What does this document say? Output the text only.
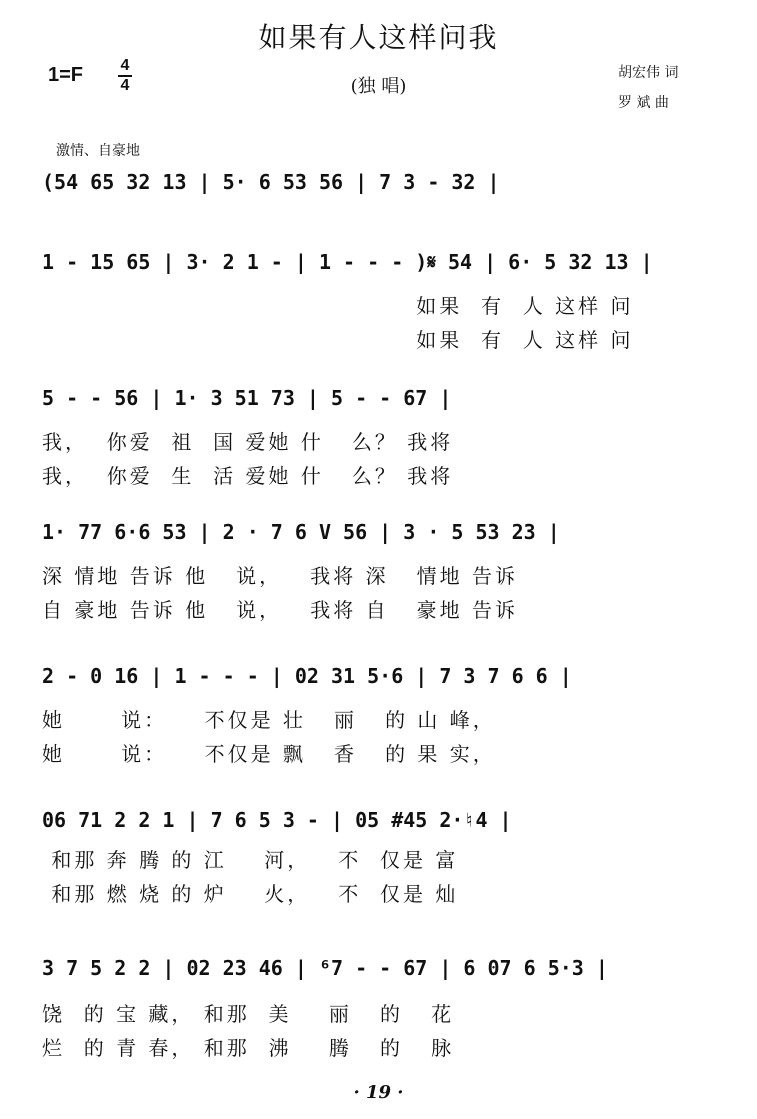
如果有人这样问我
1=F 4
4	(独 唱)
胡宏伟 词
罗 斌 曲
激情、自豪地
(54 65 32 13 | 5· 6 53 56 | 7 3 - 32 |
1 - 15 65 | 3· 2 1 - | 1 - - - )𝄋 54 | 6· 5 32 13 |
如果  有  人 这样 问
如果  有  人 这样 问
5 - - 56 | 1· 3 51 73 | 5 - - 67 |
我，  你爱  祖  国 爱她 什   么？ 我将
我，  你爱  生  活 爱她 什   么？ 我将
1· 77 6·6 53 | 2 · 7 6 V 56 | 3 · 5 53 23 |
深 情地 告诉 他   说，   我将 深   情地 告诉
自 豪地 告诉 他   说，   我将 自   豪地 告诉
2 - 0 16 | 1 - - - | 02 31 5·6 | 7 3 7 6 6 |
她      说：    不仅是 壮   丽   的 山 峰，
她      说：    不仅是 飘   香   的 果 实，
06 71 2 2 1 | 7 6 5 3 - | 05 #45 2·♮4 |
和那 奔 腾 的 江    河，   不  仅是 富
和那 燃 烧 的 炉    火，   不  仅是 灿
3 7 5 2 2 | 02 23 46 | ⁶7 - - 67 | 6 07 6 5·3 |
饶  的 宝 藏， 和那  美    丽   的   花
烂  的 青 春， 和那  沸    腾   的   脉
· 19 ·
